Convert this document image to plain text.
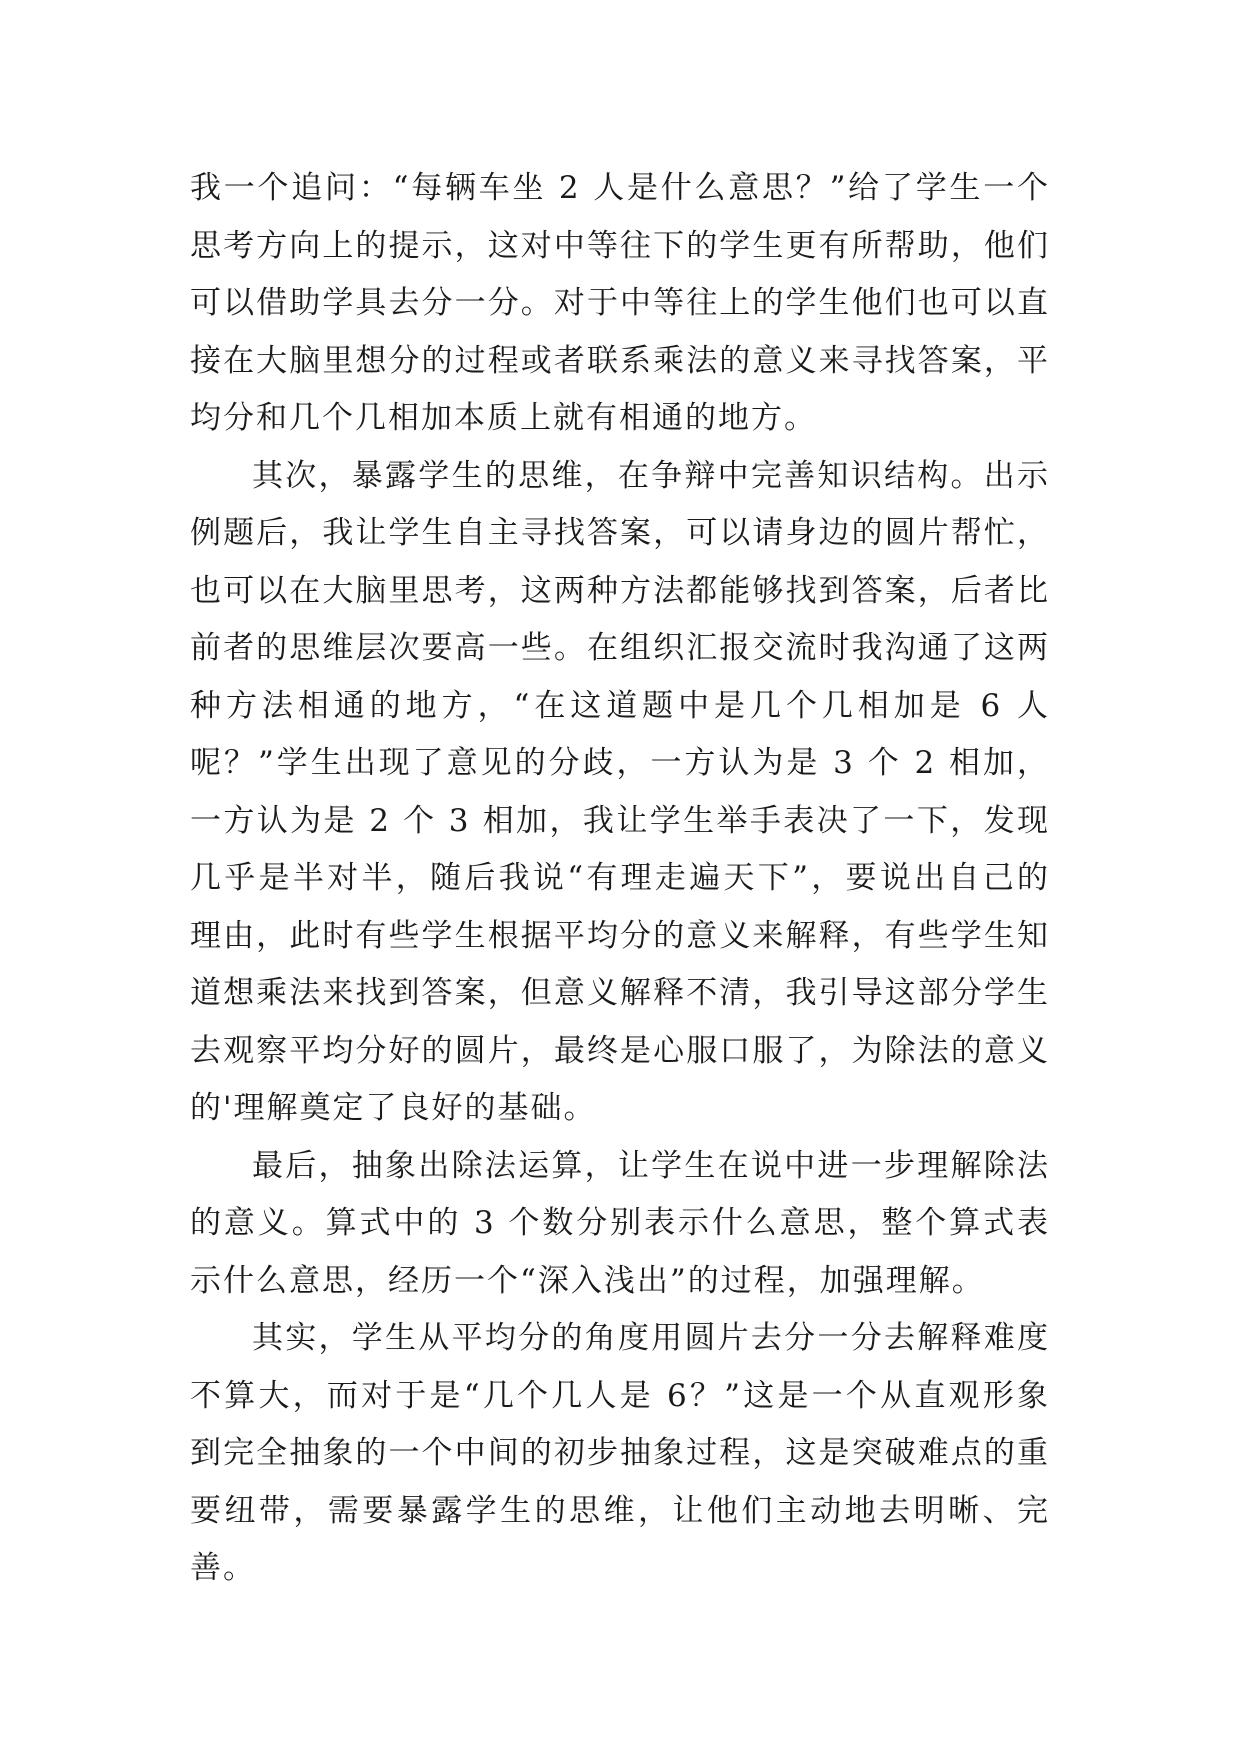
我一个追问：“每辆车坐 2 人是什么意思？”给了学生一个思考方向上的提示，这对中等往下的学生更有所帮助，他们可以借助学具去分一分。对于中等往上的学生他们也可以直接在大脑里想分的过程或者联系乘法的意义来寻找答案，平均分和几个几相加本质上就有相通的地方。

其次，暴露学生的思维，在争辩中完善知识结构。出示例题后，我让学生自主寻找答案，可以请身边的圆片帮忙，也可以在大脑里思考，这两种方法都能够找到答案，后者比前者的思维层次要高一些。在组织汇报交流时我沟通了这两种方法相通的地方，“在这道题中是几个几相加是 6 人呢？”学生出现了意见的分歧，一方认为是 3 个 2 相加，一方认为是 2 个 3 相加，我让学生举手表决了一下，发现几乎是半对半，随后我说“有理走遍天下”，要说出自己的理由，此时有些学生根据平均分的意义来解释，有些学生知道想乘法来找到答案，但意义解释不清，我引导这部分学生去观察平均分好的圆片，最终是心服口服了，为除法的意义的'理解奠定了良好的基础。

最后，抽象出除法运算，让学生在说中进一步理解除法的意义。算式中的 3 个数分别表示什么意思，整个算式表示什么意思，经历一个“深入浅出”的过程，加强理解。

其实，学生从平均分的角度用圆片去分一分去解释难度不算大，而对于是“几个几人是 6？”这是一个从直观形象到完全抽象的一个中间的初步抽象过程，这是突破难点的重要纽带，需要暴露学生的思维，让他们主动地去明晰、完善。
